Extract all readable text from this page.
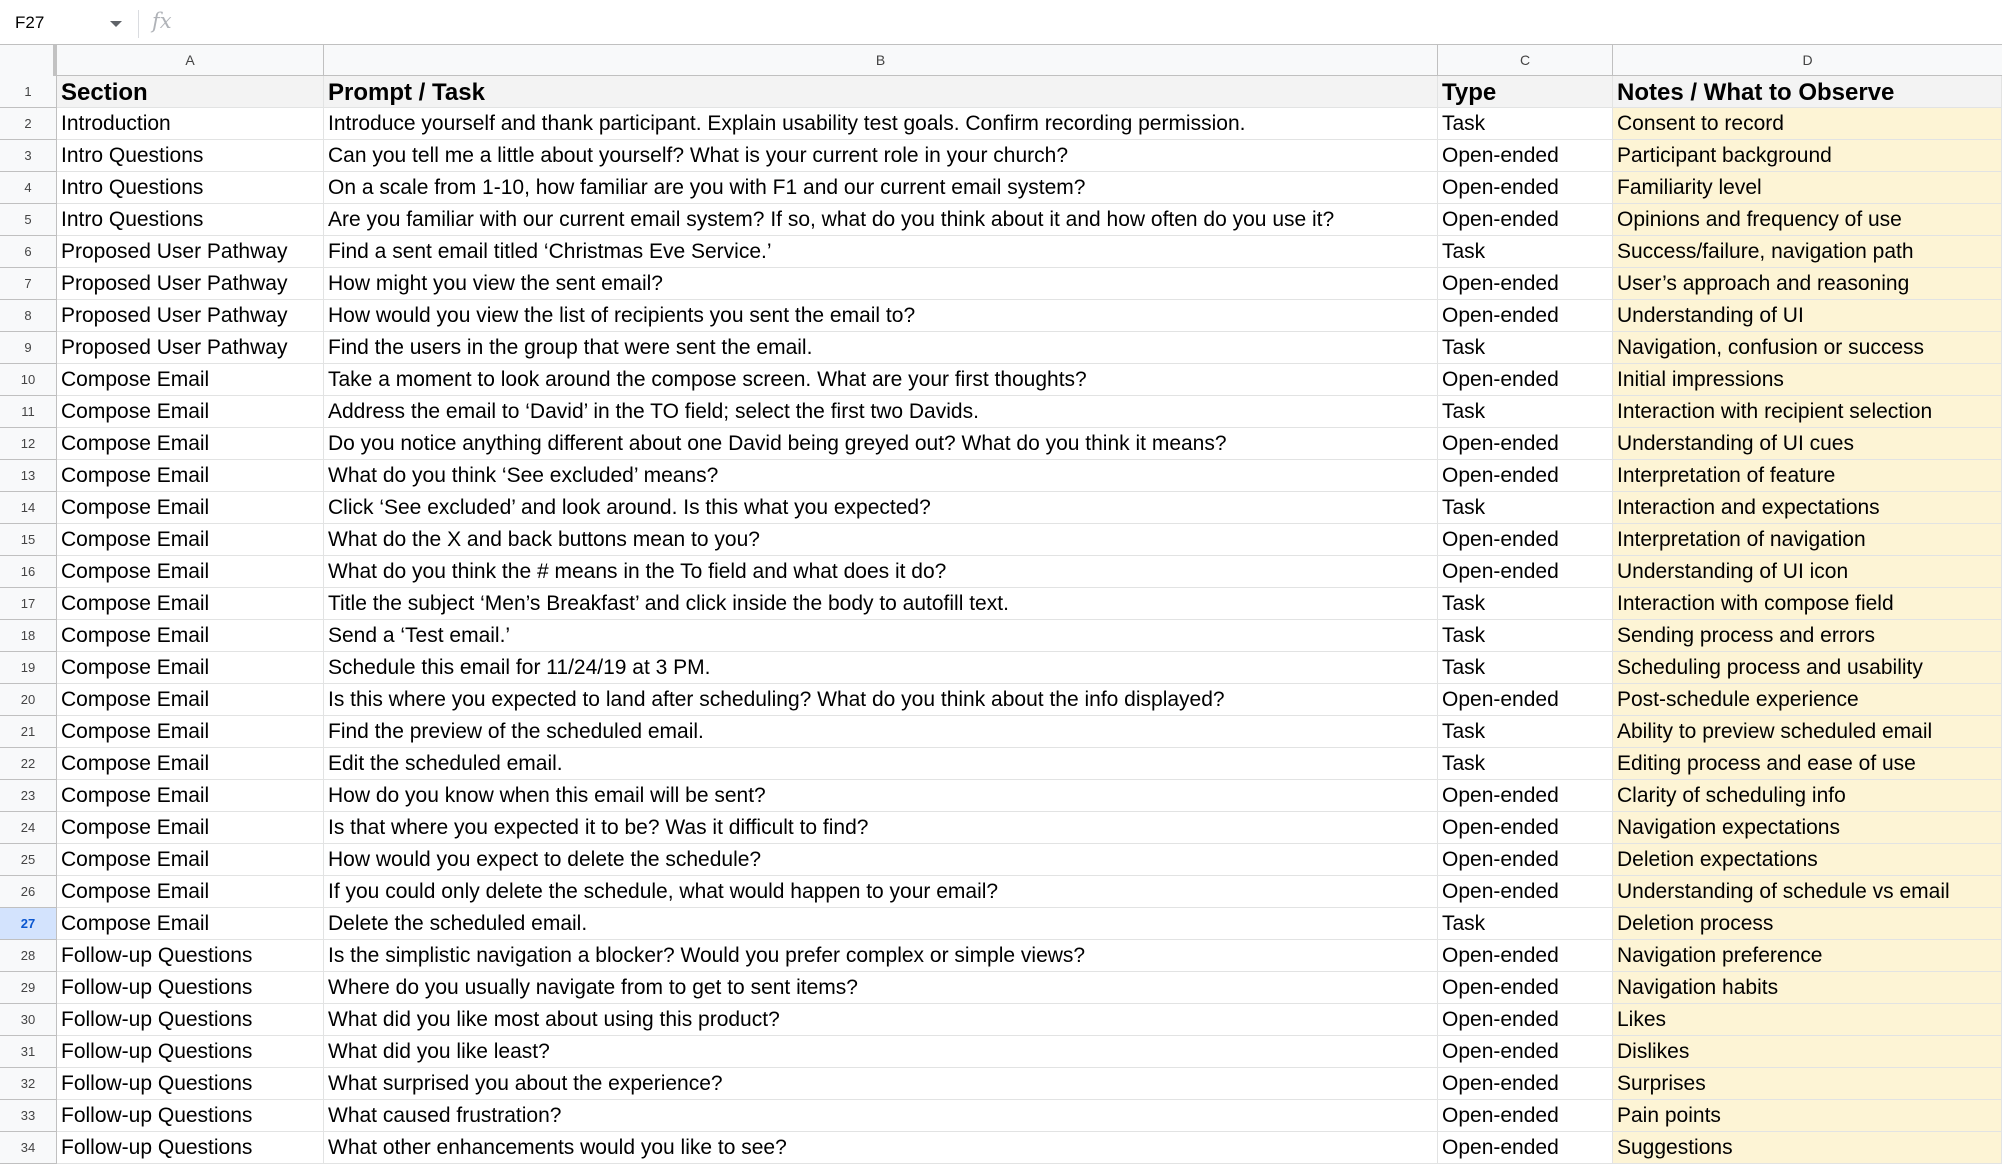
F27	fx
A	B	C	D
1	Section	Prompt / Task	Type	Notes / What to Observe
2	Introduction	Introduce yourself and thank participant. Explain usability test goals. Confirm recording permission.	Task	Consent to record
3	Intro Questions	Can you tell me a little about yourself? What is your current role in your church?	Open-ended	Participant background
4	Intro Questions	On a scale from 1-10, how familiar are you with F1 and our current email system?	Open-ended	Familiarity level
5	Intro Questions	Are you familiar with our current email system? If so, what do you think about it and how often do you use it?	Open-ended	Opinions and frequency of use
6	Proposed User Pathway	Find a sent email titled ‘Christmas Eve Service.’	Task	Success/failure, navigation path
7	Proposed User Pathway	How might you view the sent email?	Open-ended	User’s approach and reasoning
8	Proposed User Pathway	How would you view the list of recipients you sent the email to?	Open-ended	Understanding of UI
9	Proposed User Pathway	Find the users in the group that were sent the email.	Task	Navigation, confusion or success
10	Compose Email	Take a moment to look around the compose screen. What are your first thoughts?	Open-ended	Initial impressions
11	Compose Email	Address the email to ‘David’ in the TO field; select the first two Davids.	Task	Interaction with recipient selection
12	Compose Email	Do you notice anything different about one David being greyed out? What do you think it means?	Open-ended	Understanding of UI cues
13	Compose Email	What do you think ‘See excluded’ means?	Open-ended	Interpretation of feature
14	Compose Email	Click ‘See excluded’ and look around. Is this what you expected?	Task	Interaction and expectations
15	Compose Email	What do the X and back buttons mean to you?	Open-ended	Interpretation of navigation
16	Compose Email	What do you think the # means in the To field and what does it do?	Open-ended	Understanding of UI icon
17	Compose Email	Title the subject ‘Men’s Breakfast’ and click inside the body to autofill text.	Task	Interaction with compose field
18	Compose Email	Send a ‘Test email.’	Task	Sending process and errors
19	Compose Email	Schedule this email for 11/24/19 at 3 PM.	Task	Scheduling process and usability
20	Compose Email	Is this where you expected to land after scheduling? What do you think about the info displayed?	Open-ended	Post-schedule experience
21	Compose Email	Find the preview of the scheduled email.	Task	Ability to preview scheduled email
22	Compose Email	Edit the scheduled email.	Task	Editing process and ease of use
23	Compose Email	How do you know when this email will be sent?	Open-ended	Clarity of scheduling info
24	Compose Email	Is that where you expected it to be? Was it difficult to find?	Open-ended	Navigation expectations
25	Compose Email	How would you expect to delete the schedule?	Open-ended	Deletion expectations
26	Compose Email	If you could only delete the schedule, what would happen to your email?	Open-ended	Understanding of schedule vs email
27	Compose Email	Delete the scheduled email.	Task	Deletion process
28	Follow-up Questions	Is the simplistic navigation a blocker? Would you prefer complex or simple views?	Open-ended	Navigation preference
29	Follow-up Questions	Where do you usually navigate from to get to sent items?	Open-ended	Navigation habits
30	Follow-up Questions	What did you like most about using this product?	Open-ended	Likes
31	Follow-up Questions	What did you like least?	Open-ended	Dislikes
32	Follow-up Questions	What surprised you about the experience?	Open-ended	Surprises
33	Follow-up Questions	What caused frustration?	Open-ended	Pain points
34	Follow-up Questions	What other enhancements would you like to see?	Open-ended	Suggestions
